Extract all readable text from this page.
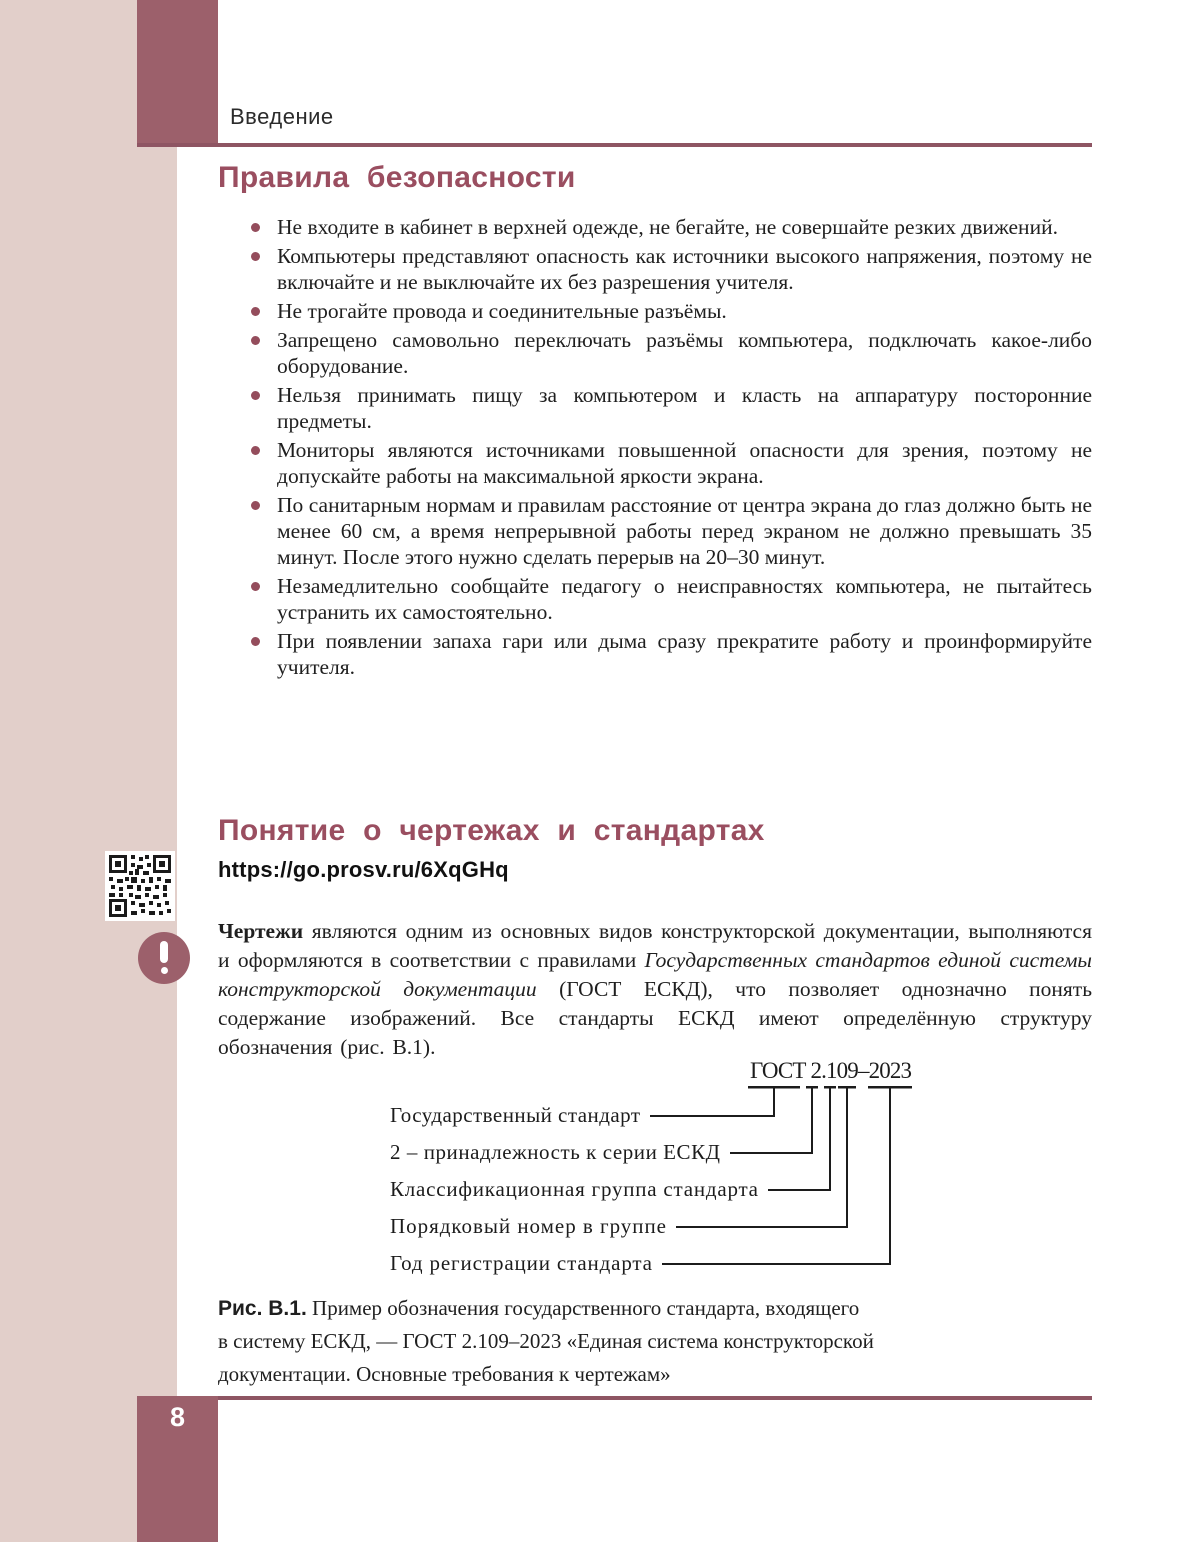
Введение
8
Правила безопасности
Не входите в кабинет в верхней одежде, не бегайте, не совершайте резких движений.
Компьютеры представляют опасность как источники высокого напряжения, поэтому не включайте и не выключайте их без разрешения учителя.
Не трогайте провода и соединительные разъёмы.
Запрещено самовольно переключать разъёмы компьютера, подключать какое-либо оборудование.
Нельзя принимать пищу за компьютером и класть на аппаратуру посторонние предметы.
Мониторы являются источниками повышенной опасности для зрения, поэтому не допускайте работы на максимальной яркости экрана.
По санитарным нормам и правилам расстояние от центра экрана до глаз должно быть не менее 60 см, а время непрерывной работы перед экраном не должно превышать 35 минут. После этого нужно сделать перерыв на 20–30 минут.
Незамедлительно сообщайте педагогу о неисправностях компьютера, не пытайтесь устранить их самостоятельно.
При появлении запаха гари или дыма сразу прекратите работу и проинформируйте учителя.
Понятие о чертежах и стандартах
https://go.prosv.ru/6XqGHq

Чертежи являются одним из основных видов конструкторской документации, выполняются и оформляются в соответствии с правилами Государственных стандартов единой системы конструкторской документации (ГОСТ ЕСКД), что позволяет однозначно понять содержание изображений. Все стандарты ЕСКД имеют определённую структуру обозначения (рис. В.1).

ГОСТ 2.109–2023
Государственный стандарт
2 – принадлежность к серии ЕСКД
Классификационная группа стандарта
Порядковый номер в группе
Год регистрации стандарта
Рис. В.1. Пример обозначения государственного стандарта, входящего
в систему ЕСКД, — ГОСТ 2.109–2023 «Единая система конструкторской
документации. Основные требования к чертежам»
